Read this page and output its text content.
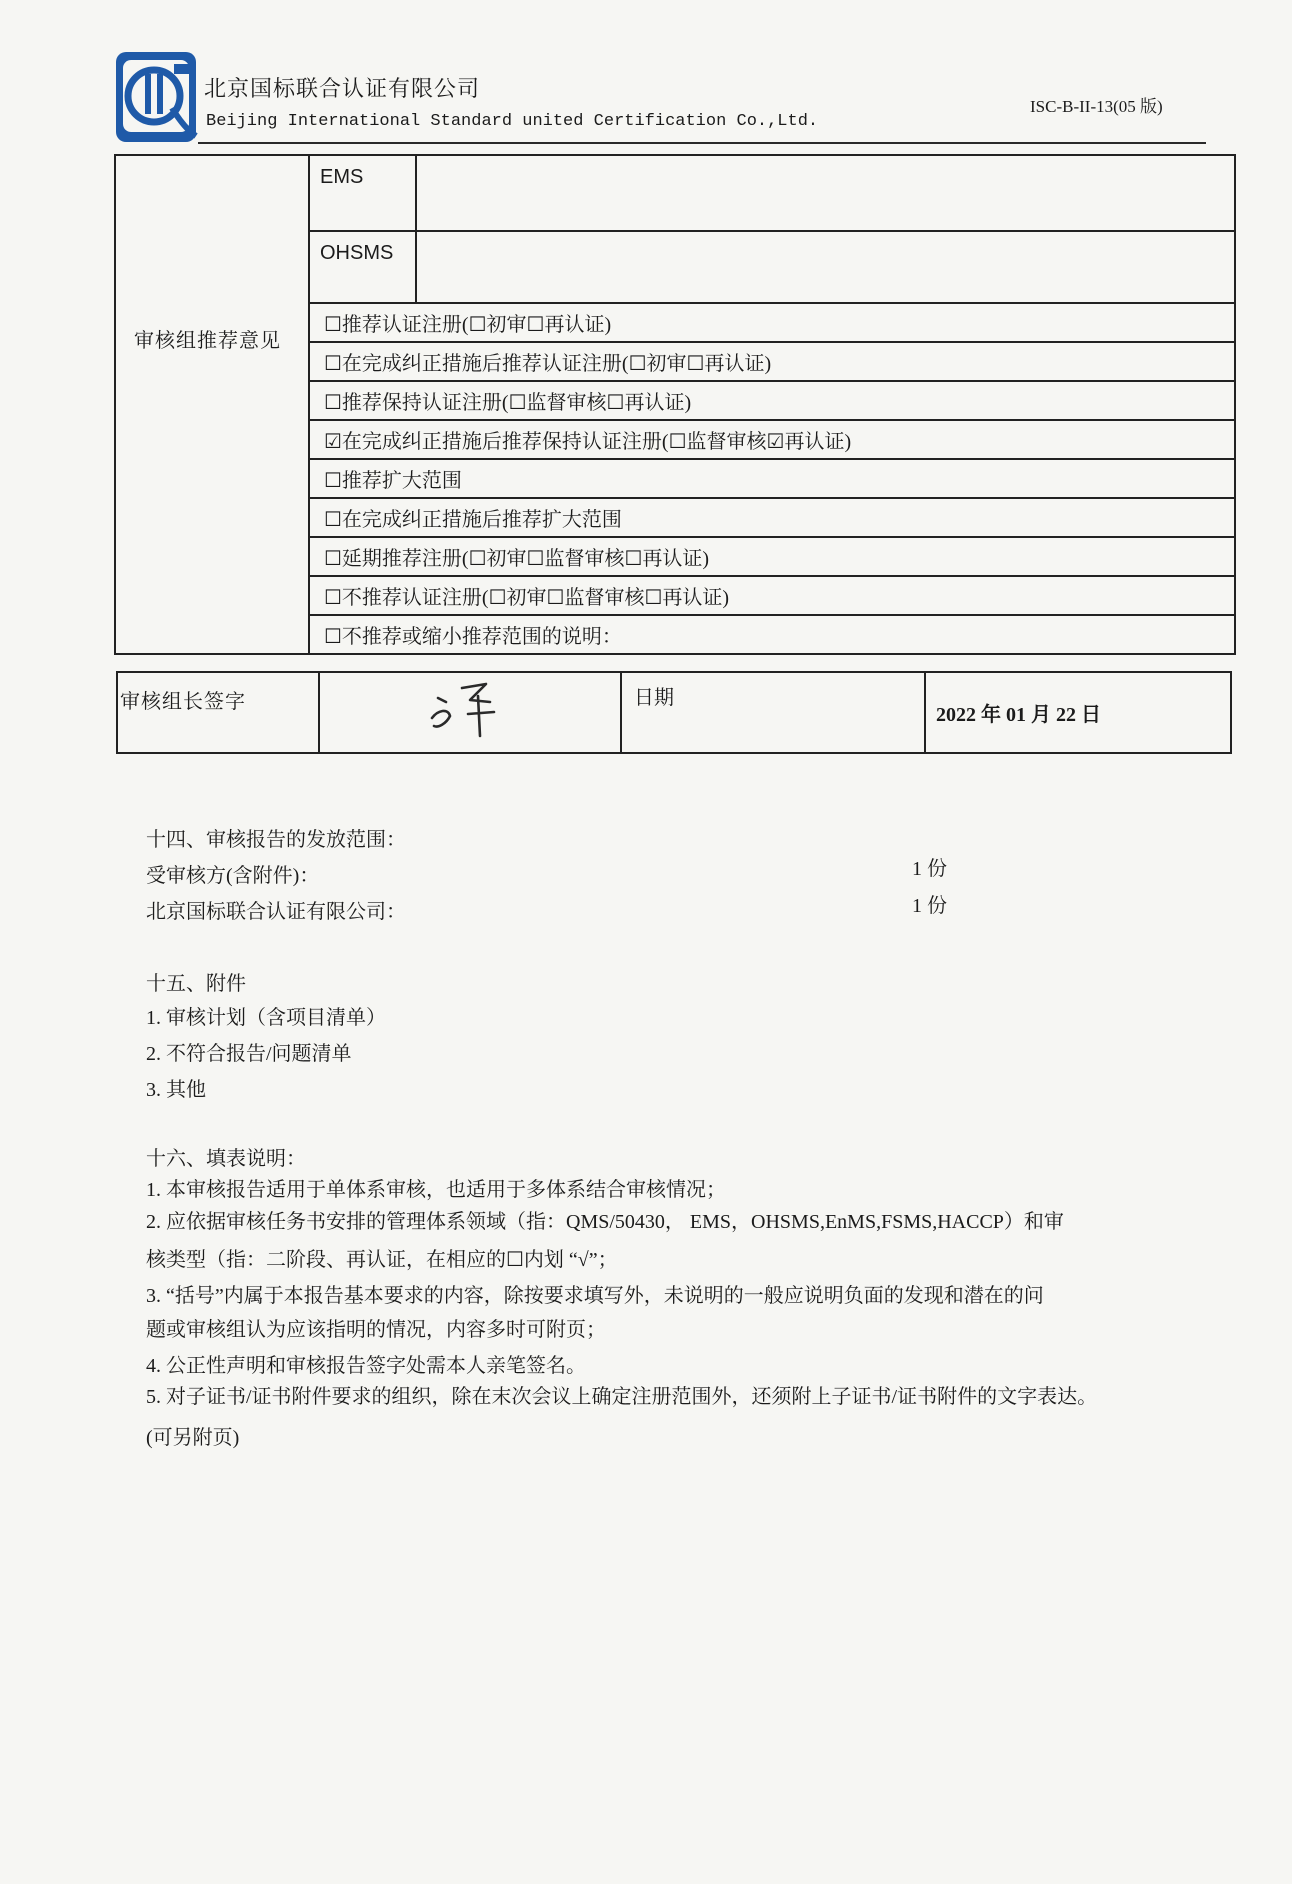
北京国标联合认证有限公司
Beijing International Standard united Certification Co.,Ltd.
ISC-B-II-13(05 版)
审核组推荐意见	EMS	
	OHSMS	
	☐推荐认证注册(☐初审☐再认证)	
	☐在完成纠正措施后推荐认证注册(☐初审☐再认证)	
	☐推荐保持认证注册(☐监督审核☐再认证)	
	☑在完成纠正措施后推荐保持认证注册(☐监督审核☑再认证)	
	☐推荐扩大范围	
	☐在完成纠正措施后推荐扩大范围	
	☐延期推荐注册(☐初审☐监督审核☐再认证)	
	☐不推荐认证注册(☐初审☐监督审核☐再认证)	
	☐不推荐或缩小推荐范围的说明：	
审核组长签字		日期	2022 年 01 月 22 日
十四、审核报告的发放范围：
受审核方(含附件)：	1 份
北京国标联合认证有限公司：	1 份
十五、附件
1. 审核计划（含项目清单）
2. 不符合报告/问题清单
3. 其他
十六、填表说明：
1. 本审核报告适用于单体系审核，也适用于多体系结合审核情况；
2. 应依据审核任务书安排的管理体系领域（指：QMS/50430， EMS，OHSMS,EnMS,FSMS,HACCP）和审
核类型（指：二阶段、再认证，在相应的☐内划 “√”；
3. “括号”内属于本报告基本要求的内容，除按要求填写外，未说明的一般应说明负面的发现和潜在的问
题或审核组认为应该指明的情况，内容多时可附页；
4. 公正性声明和审核报告签字处需本人亲笔签名。
5. 对子证书/证书附件要求的组织，除在末次会议上确定注册范围外，还须附上子证书/证书附件的文字表达。
(可另附页)
